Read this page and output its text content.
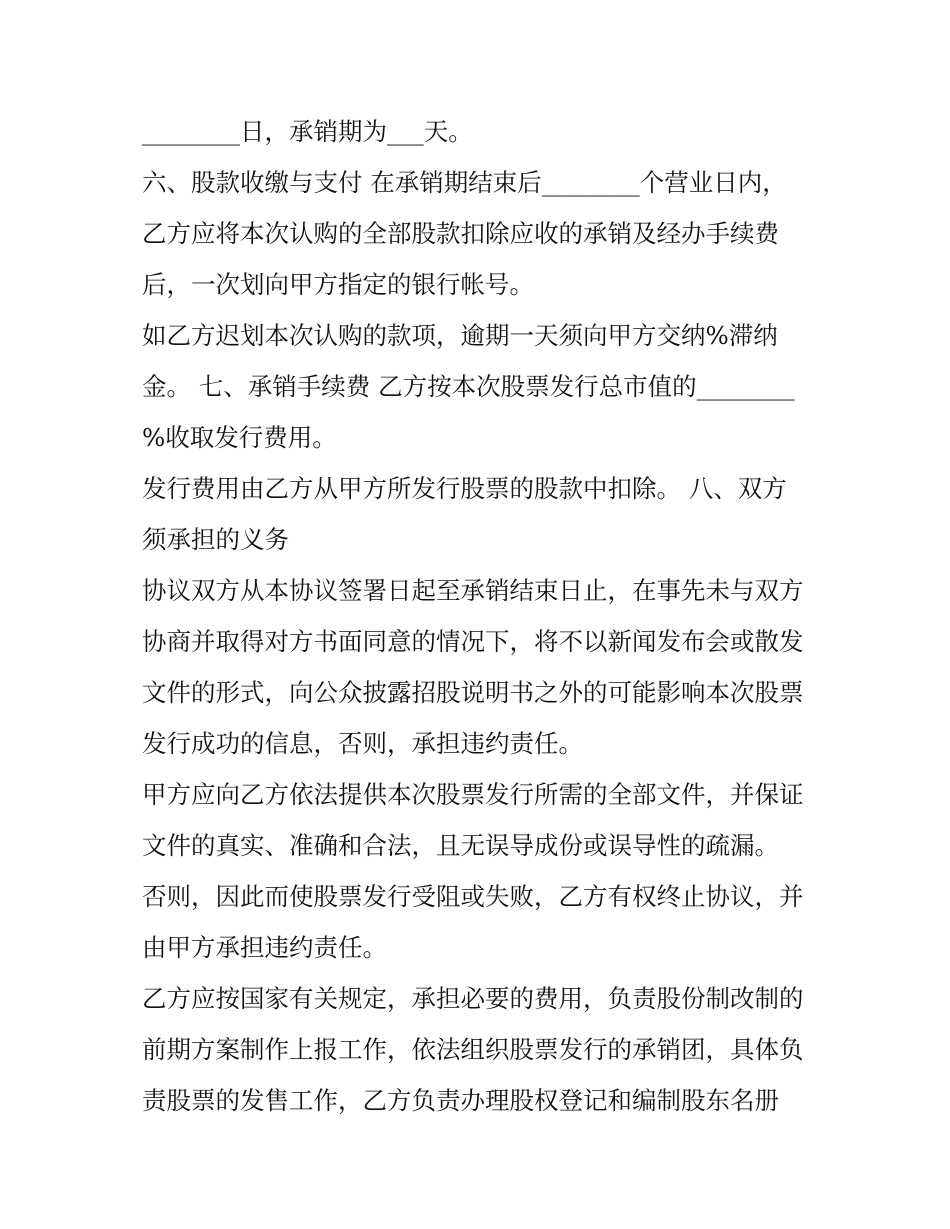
________日，承销期为___天。
六、股款收缴与支付 在承销期结束后________个营业日内，
乙方应将本次认购的全部股款扣除应收的承销及经办手续费
后，一次划向甲方指定的银行帐号。
如乙方迟划本次认购的款项，逾期一天须向甲方交纳%滞纳
金。 七、承销手续费 乙方按本次股票发行总市值的________
%收取发行费用。
发行费用由乙方从甲方所发行股票的股款中扣除。 八、双方
须承担的义务
协议双方从本协议签署日起至承销结束日止，在事先未与双方
协商并取得对方书面同意的情况下，将不以新闻发布会或散发
文件的形式，向公众披露招股说明书之外的可能影响本次股票
发行成功的信息，否则，承担违约责任。
甲方应向乙方依法提供本次股票发行所需的全部文件，并保证
文件的真实、准确和合法，且无误导成份或误导性的疏漏。
否则，因此而使股票发行受阻或失败，乙方有权终止协议，并
由甲方承担违约责任。
乙方应按国家有关规定，承担必要的费用，负责股份制改制的
前期方案制作上报工作，依法组织股票发行的承销团，具体负
责股票的发售工作，乙方负责办理股权登记和编制股东名册
